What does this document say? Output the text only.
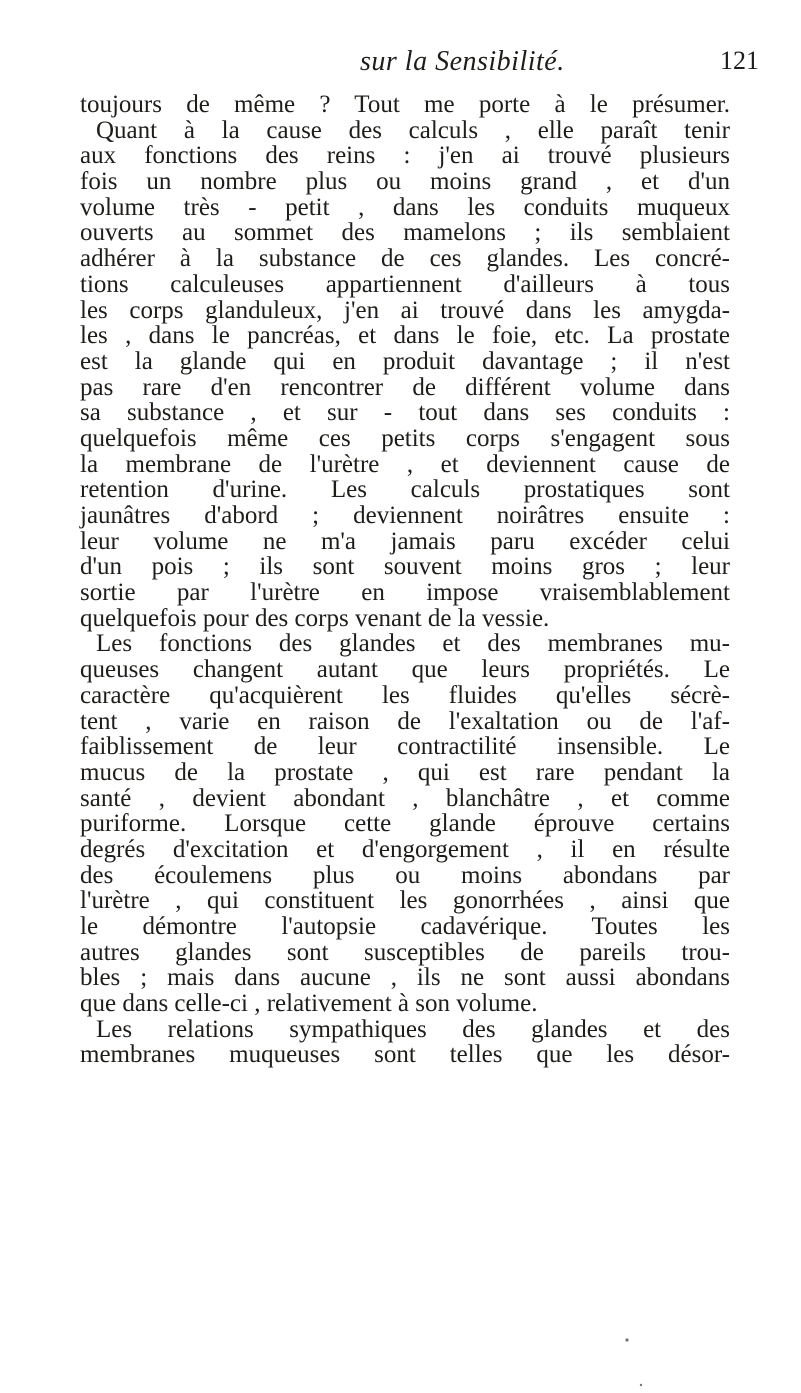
sur la Sensibilité.	121
toujours de même ? Tout me porte à le présumer.
Quant à la cause des calculs , elle paraît tenir
aux fonctions des reins : j'en ai trouvé plusieurs
fois un nombre plus ou moins grand , et d'un
volume très - petit , dans les conduits muqueux
ouverts au sommet des mamelons ; ils semblaient
adhérer à la substance de ces glandes. Les concré-
tions calculeuses appartiennent d'ailleurs à tous
les corps glanduleux, j'en ai trouvé dans les amygda-
les , dans le pancréas, et dans le foie, etc. La prostate
est la glande qui en produit davantage ; il n'est
pas rare d'en rencontrer de différent volume dans
sa substance , et sur - tout dans ses conduits :
quelquefois même ces petits corps s'engagent sous
la membrane de l'urètre , et deviennent cause de
retention d'urine. Les calculs prostatiques sont
jaunâtres d'abord ; deviennent noirâtres ensuite :
leur volume ne m'a jamais paru excéder celui
d'un pois ; ils sont souvent moins gros ; leur
sortie par l'urètre en impose vraisemblablement
quelquefois pour des corps venant de la vessie.
Les fonctions des glandes et des membranes mu-
queuses changent autant que leurs propriétés. Le
caractère qu'acquièrent les fluides qu'elles sécrè-
tent , varie en raison de l'exaltation ou de l'af-
faiblissement de leur contractilité insensible. Le
mucus de la prostate , qui est rare pendant la
santé , devient abondant , blanchâtre , et comme
puriforme. Lorsque cette glande éprouve certains
degrés d'excitation et d'engorgement , il en résulte
des écoulemens plus ou moins abondans par
l'urètre , qui constituent les gonorrhées , ainsi que
le démontre l'autopsie cadavérique. Toutes les
autres glandes sont susceptibles de pareils trou-
bles ; mais dans aucune , ils ne sont aussi abondans
que dans celle-ci , relativement à son volume.
Les relations sympathiques des glandes et des
membranes muqueuses sont telles que les désor-
